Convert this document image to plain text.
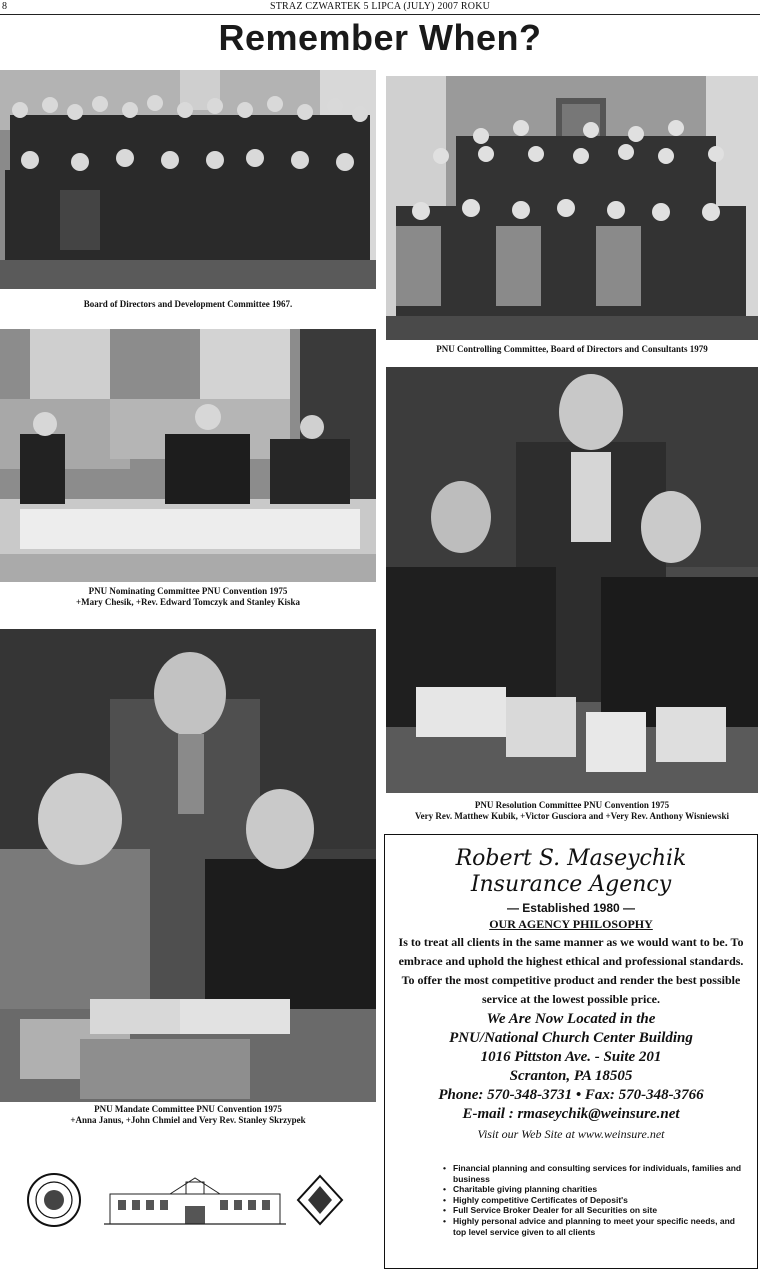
8	STRAZ CZWARTEK 5 LIPCA (JULY) 2007 ROKU
Remember When?
Board of Directors and Development Committee 1967.
PNU Controlling Committee, Board of Directors and Consultants 1979
PNU Nominating Committee PNU Convention 1975
+Mary Chesik, +Rev. Edward Tomczyk and Stanley Kiska
PNU Resolution Committee PNU Convention 1975
Very Rev. Matthew Kubik, +Victor Gusciora and +Very Rev. Anthony Wisniewski
PNU Mandate Committee PNU Convention 1975
+Anna Janus, +John Chmiel and Very Rev. Stanley Skrzypek
Robert S. Maseychik
Insurance Agency
— Established 1980 —
OUR AGENCY PHILOSOPHY
Is to treat all clients in the same manner as we would want to be. To embrace and uphold the highest ethical and professional standards. To offer the most competitive product and render the best possible service at the lowest possible price.
We Are Now Located in the
PNU/National Church Center Building
1016 Pittston Ave. - Suite 201
Scranton, PA 18505
Phone: 570-348-3731 • Fax: 570-348-3766
E-mail : rmaseychik@weinsure.net
Visit our Web Site at www.weinsure.net
• Financial planning and consulting services for individuals, families and business
• Charitable giving planning charities
• Highly competitive Certificates of Deposit's
• Full Service Broker Dealer for all Securities on site
• Highly personal advice and planning to meet your specific needs, and top level service given to all clients
